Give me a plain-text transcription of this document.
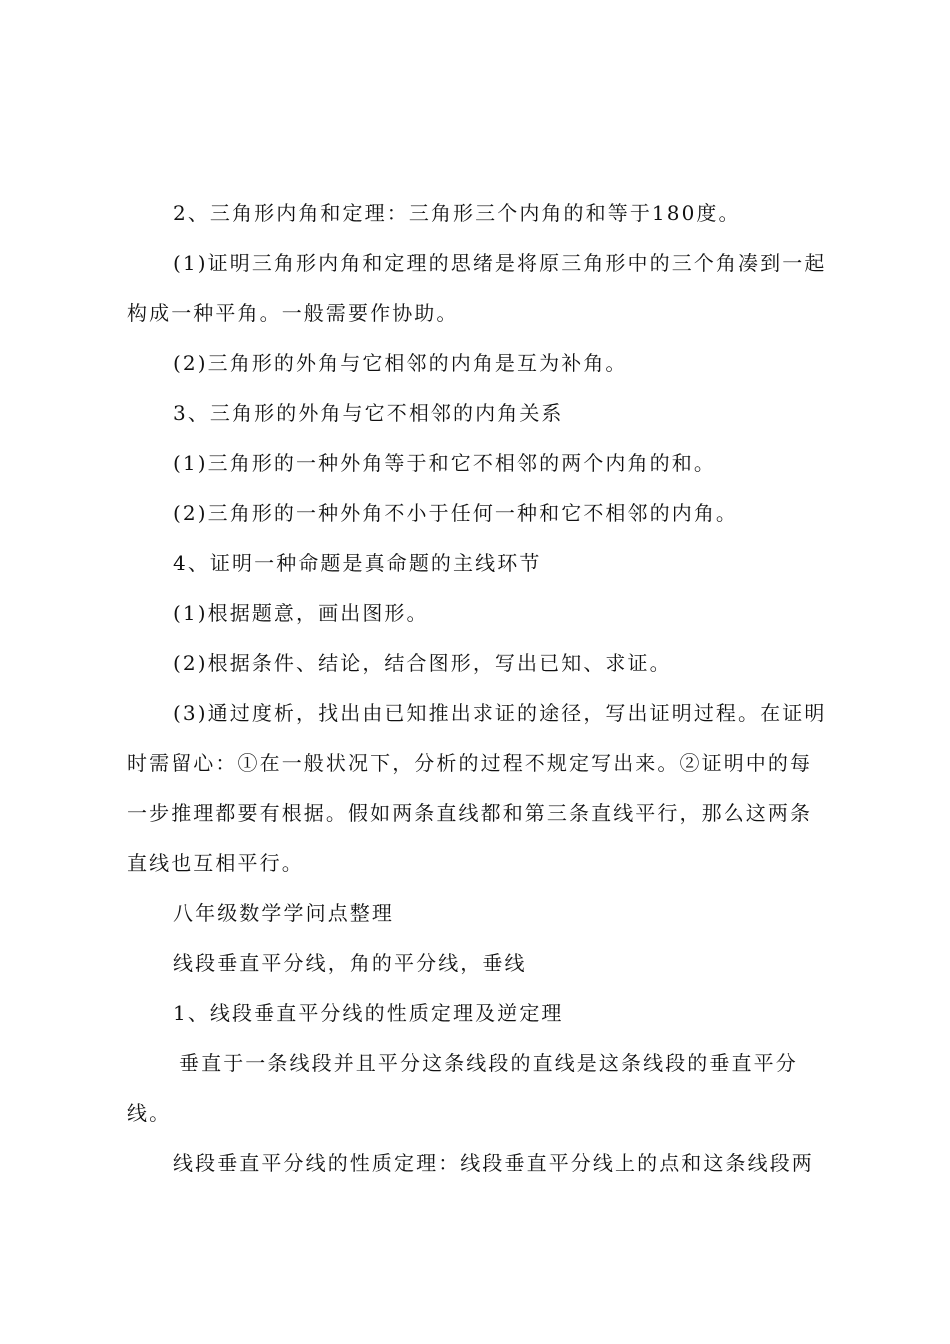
2、三角形内角和定理：三角形三个内角的和等于180度。

(1)证明三角形内角和定理的思绪是将原三角形中的三个角凑到一起构成一种平角。一般需要作协助。

(2)三角形的外角与它相邻的内角是互为补角。

3、三角形的外角与它不相邻的内角关系

(1)三角形的一种外角等于和它不相邻的两个内角的和。

(2)三角形的一种外角不小于任何一种和它不相邻的内角。

4、证明一种命题是真命题的主线环节

(1)根据题意，画出图形。

(2)根据条件、结论，结合图形，写出已知、求证。

(3)通过度析，找出由已知推出求证的途径，写出证明过程。在证明时需留心：①在一般状况下，分析的过程不规定写出来。②证明中的每一步推理都要有根据。假如两条直线都和第三条直线平行，那么这两条直线也互相平行。

八年级数学学问点整理

线段垂直平分线，角的平分线，垂线

1、线段垂直平分线的性质定理及逆定理

垂直于一条线段并且平分这条线段的直线是这条线段的垂直平分线。

线段垂直平分线的性质定理：线段垂直平分线上的点和这条线段两
